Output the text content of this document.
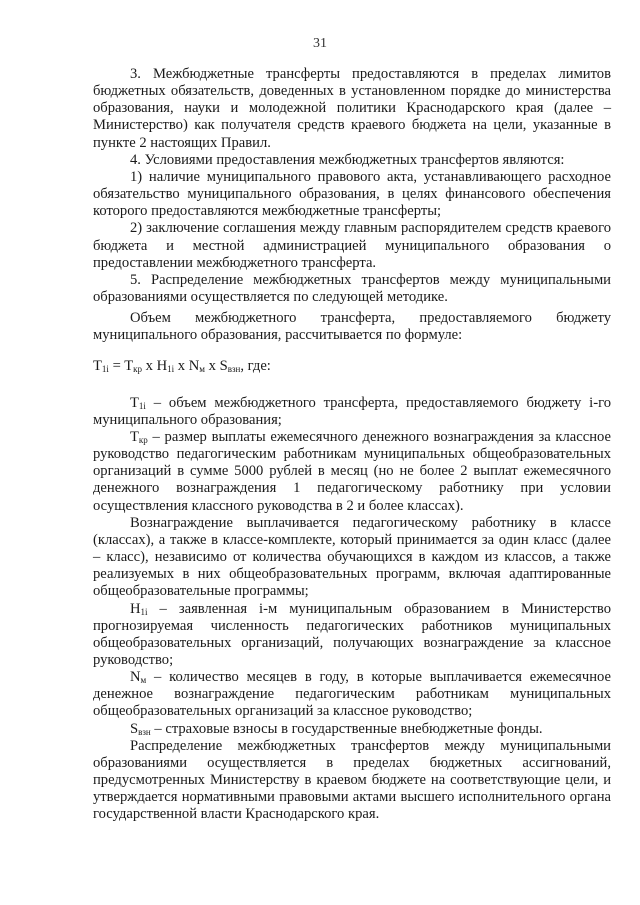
31

3. Межбюджетные трансферты предоставляются в пределах лимитов бюджетных обязательств, доведенных в установленном порядке до министерства образования, науки и молодежной политики Краснодарского края (далее – Министерство) как получателя средств краевого бюджета на цели, указанные в пункте 2 настоящих Правил.

4. Условиями предоставления межбюджетных трансфертов являются:

1) наличие муниципального правового акта, устанавливающего расходное обязательство муниципального образования, в целях финансового обеспечения которого предоставляются межбюджетные трансферты;

2) заключение соглашения между главным распорядителем средств краевого бюджета и местной администрацией муниципального образования о предоставлении межбюджетного трансферта.

5. Распределение межбюджетных трансфертов между муниципальными образованиями осуществляется по следующей методике.

Объем межбюджетного трансферта, предоставляемого бюджету муниципального образования, рассчитывается по формуле:

$T_{1i} = T_{кр}$ x $H_{1i}$ x $N_м$ x $S_{взн}$, где:

$T_{1i}$ – объем межбюджетного трансферта, предоставляемого бюджету i-го муниципального образования;

$T_{кр}$ – размер выплаты ежемесячного денежного вознаграждения за классное руководство педагогическим работникам муниципальных общеобразовательных организаций в сумме 5000 рублей в месяц (но не более 2 выплат ежемесячного денежного вознаграждения 1 педагогическому работнику при условии осуществления классного руководства в 2 и более классах).

Вознаграждение выплачивается педагогическому работнику в классе (классах), а также в классе-комплекте, который принимается за один класс (далее – класс), независимо от количества обучающихся в каждом из классов, а также реализуемых в них общеобразовательных программ, включая адаптированные общеобразовательные программы;

$H_{1i}$ – заявленная i-м муниципальным образованием в Министерство прогнозируемая численность педагогических работников муниципальных общеобразовательных организаций, получающих вознаграждение за классное руководство;

$N_м$ – количество месяцев в году, в которые выплачивается ежемесячное денежное вознаграждение педагогическим работникам муниципальных общеобразовательных организаций за классное руководство;

$S_{взн}$ – страховые взносы в государственные внебюджетные фонды.

Распределение межбюджетных трансфертов между муниципальными образованиями осуществляется в пределах бюджетных ассигнований, предусмотренных Министерству в краевом бюджете на соответствующие цели, и утверждается нормативными правовыми актами высшего исполнительного органа государственной власти Краснодарского края.
